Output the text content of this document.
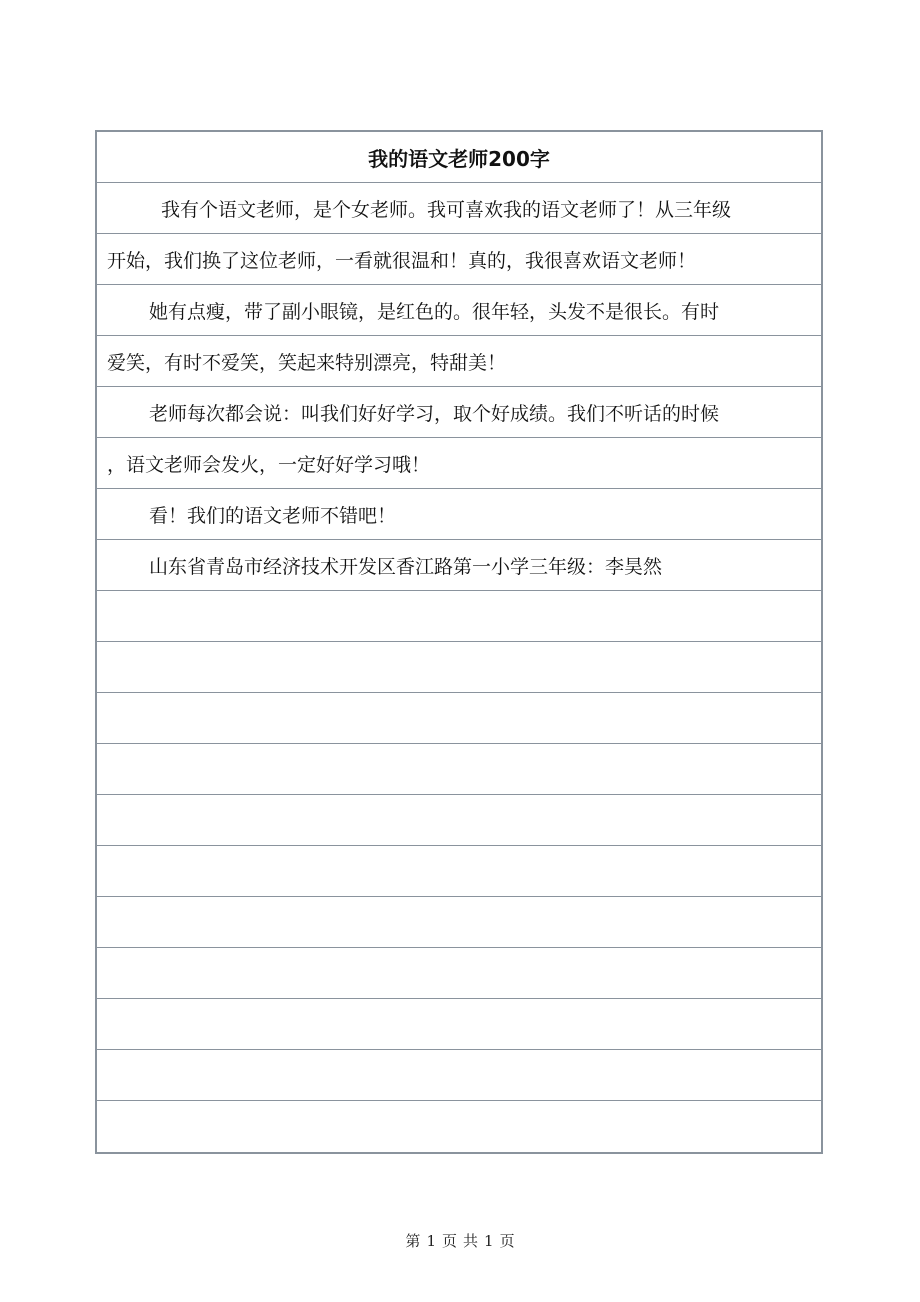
我的语文老师200字
我有个语文老师，是个女老师。我可喜欢我的语文老师了！从三年级
开始，我们换了这位老师，一看就很温和！真的，我很喜欢语文老师！
她有点瘦，带了副小眼镜，是红色的。很年轻，头发不是很长。有时
爱笑，有时不爱笑，笑起来特别漂亮，特甜美！
老师每次都会说：叫我们好好学习，取个好成绩。我们不听话的时候
，语文老师会发火，一定好好学习哦！
看！我们的语文老师不错吧！
山东省青岛市经济技术开发区香江路第一小学三年级：李昊然
第 1 页 共 1 页
